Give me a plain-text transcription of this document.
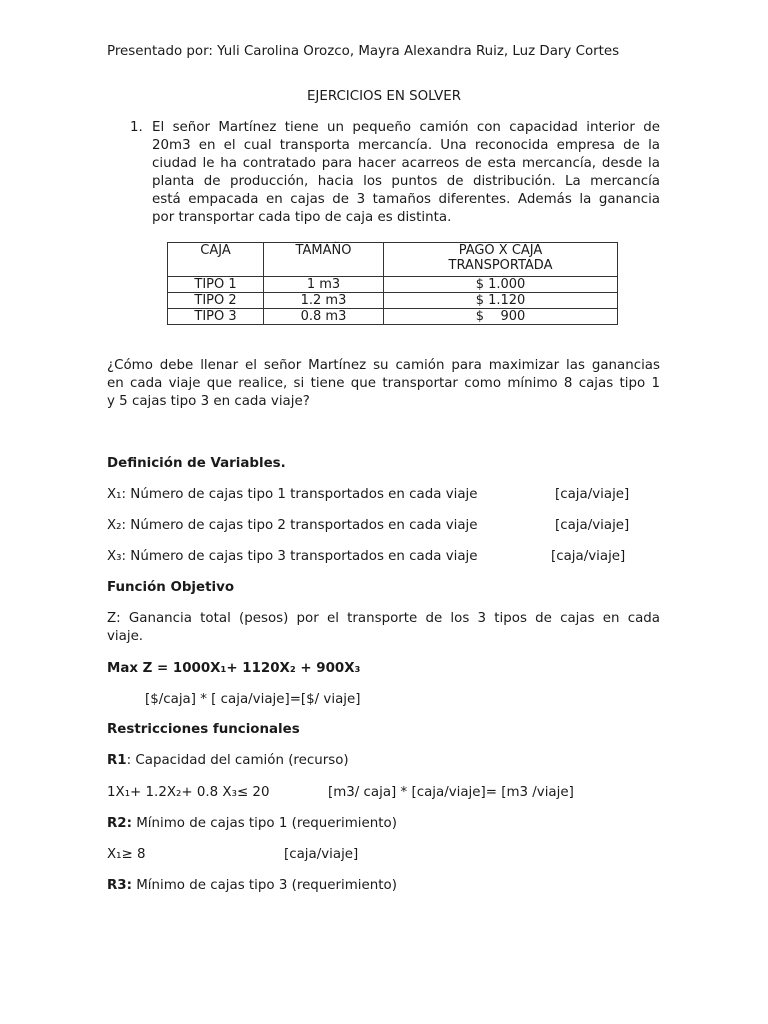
Presentado por: Yuli Carolina Orozco, Mayra Alexandra Ruiz, Luz Dary Cortes
EJERCICIOS EN SOLVER
1. El señor Martínez tiene un pequeño camión con capacidad interior de
20m3 en el cual transporta mercancía. Una reconocida empresa de la
ciudad le ha contratado para hacer acarreos de esta mercancía, desde la
planta de producción, hacia los puntos de distribución. La mercancía
está empacada en cajas de 3 tamaños diferentes. Además la ganancia
por transportar cada tipo de caja es distinta.
CAJA	TAMAÑO	PAGO X CAJA
TRANSPORTADA

TIPO 1	1 m3	$ 1.000
TIPO 2	1.2 m3	$ 1.120
TIPO 3	0.8 m3	$    900
¿Cómo debe llenar el señor Martínez su camión para maximizar las ganancias
en cada viaje que realice, si tiene que transportar como mínimo 8 cajas tipo 1
y 5 cajas tipo 3 en cada viaje?
Definición de Variables.
X₁: Número de cajas tipo 1 transportados en cada viaje	[caja/viaje]
X₂: Número de cajas tipo 2 transportados en cada viaje	[caja/viaje]
X₃: Número de cajas tipo 3 transportados en cada viaje	[caja/viaje]
Función Objetivo
Z: Ganancia total (pesos) por el transporte de los 3 tipos de cajas en cada
viaje.
Max Z = 1000X₁+ 1120X₂ + 900X₃
[$/caja] * [ caja/viaje]=[$/ viaje]
Restricciones funcionales
R1: Capacidad del camión (recurso)
1X₁+ 1.2X₂+ 0.8 X₃≤ 20	[m3/ caja] * [caja/viaje]= [m3 /viaje]
R2: Mínimo de cajas tipo 1 (requerimiento)
X₁≥ 8	[caja/viaje]
R3: Mínimo de cajas tipo 3 (requerimiento)
